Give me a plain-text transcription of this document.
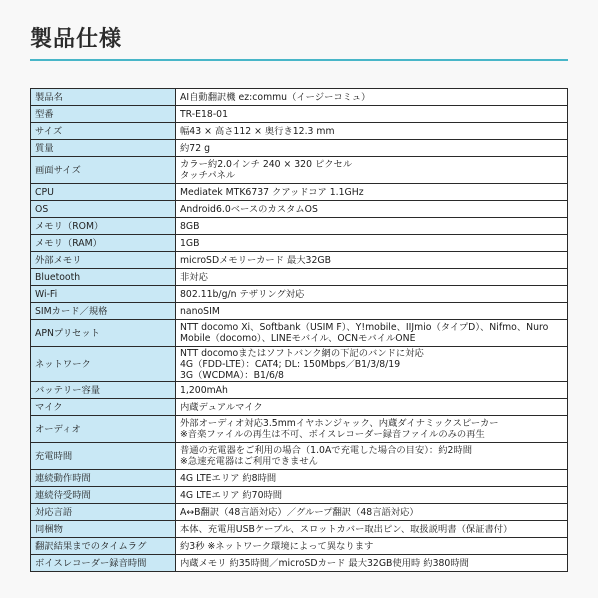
製品仕様
製品名	AI自動翻訳機 ez:commu（イージーコミュ）

型番	TR-E18-01

サイズ	幅43 × 高さ112 × 奥行き12.3 mm

質量	約72 g

画面サイズ	カラー約2.0インチ 240 × 320 ピクセル
タッチパネル

CPU	Mediatek MTK6737 クアッドコア 1.1GHz

OS	Android6.0ベースのカスタムOS

メモリ（ROM）	8GB

メモリ（RAM）	1GB

外部メモリ	microSDメモリーカード 最大32GB

Bluetooth	非対応

Wi-Fi	802.11b/g/n テザリング対応

SIMカード／規格	nanoSIM

APNプリセット	NTT docomo Xi、Softbank（USIM F）、Y!mobile、IIJmio（タイプD）、Nifmo、Nuro
Mobile（docomo）、LINEモバイル、OCNモバイルONE

ネットワーク	NTT docomoまたはソフトバンク網の下記のバンドに対応
4G（FDD-LTE）：CAT4; DL: 150Mbps／B1/3/8/19
3G（WCDMA）：B1/6/8

バッテリー容量	1,200mAh

マイク	内蔵デュアルマイク

オーディオ	外部オーディオ対応3.5mmイヤホンジャック、内蔵ダイナミックスピーカー
※音楽ファイルの再生は不可、ボイスレコーダー録音ファイルのみの再生

充電時間	普通の充電器をご利用の場合（1.0Aで充電した場合の目安）：約2時間
※急速充電器はご利用できません

連続動作時間	4G LTEエリア 約8時間

連続待受時間	4G LTEエリア 約70時間

対応言語	A↔B翻訳（48言語対応）／グループ翻訳（48言語対応）

同梱物	本体、充電用USBケーブル、スロットカバー取出ピン、取扱説明書（保証書付）

翻訳結果までのタイムラグ	約3秒 ※ネットワーク環境によって異なります

ボイスレコーダー録音時間	内蔵メモリ 約35時間／microSDカード 最大32GB使用時 約380時間
